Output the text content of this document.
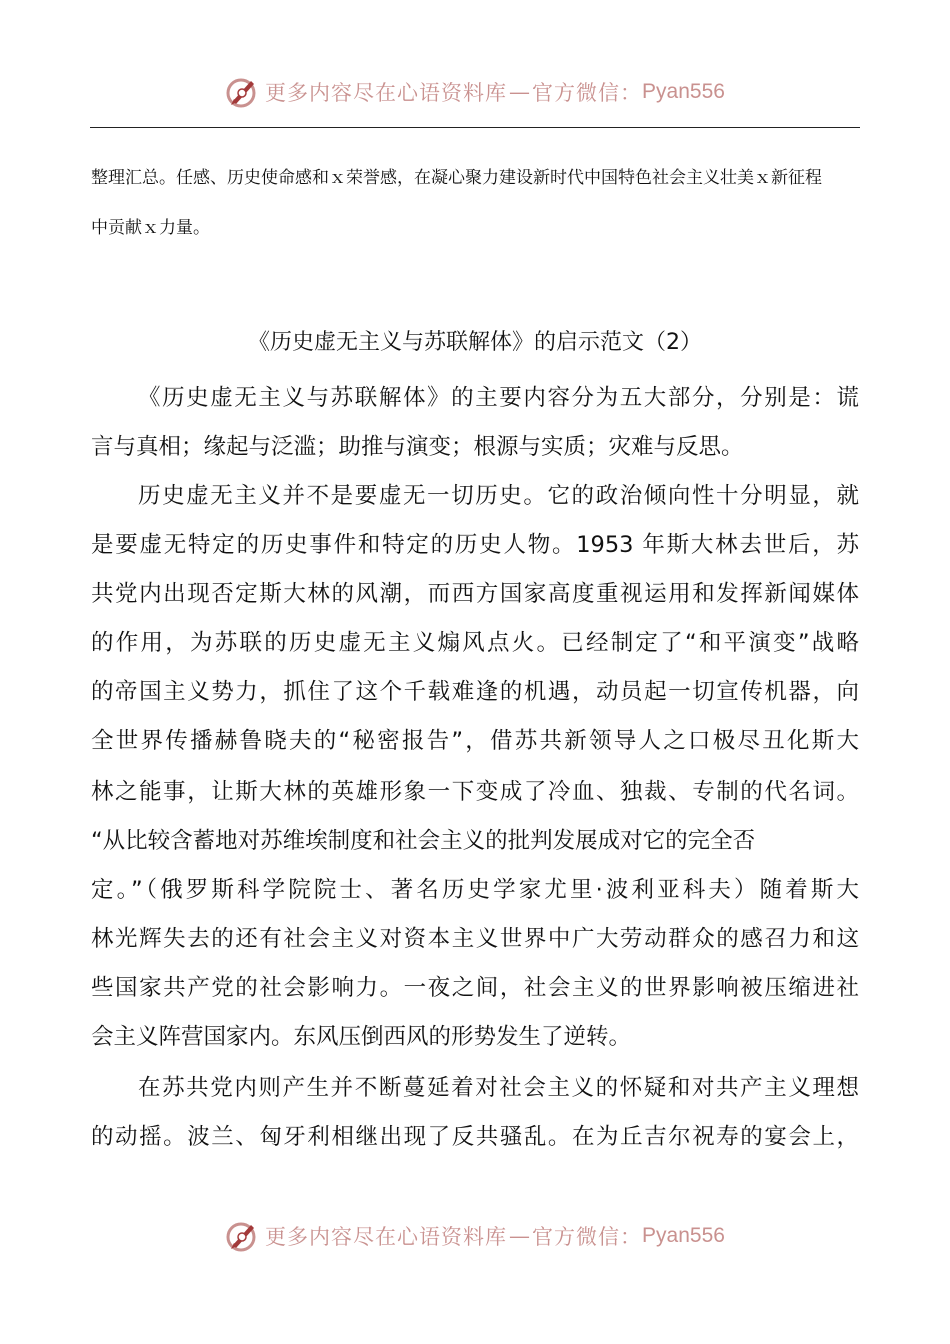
更多内容尽在心语资料库 — 官方微信： Pyan556
整理汇总。任感、历史使命感和ｘ荣誉感，在凝心聚力建设新时代中国特色社会主义壮美ｘ新征程
中贡献ｘ力量。
《历史虚无主义与苏联解体》的启示范文（2）
《历史虚无主义与苏联解体》的主要内容分为五大部分，分别是：谎
言与真相；缘起与泛滥；助推与演变；根源与实质；灾难与反思。
历史虚无主义并不是要虚无一切历史。它的政治倾向性十分明显，就
是要虚无特定的历史事件和特定的历史人物。1953 年斯大林去世后，苏
共党内出现否定斯大林的风潮，而西方国家高度重视运用和发挥新闻媒体
的作用，为苏联的历史虚无主义煽风点火。已经制定了“和平演变”战略
的帝国主义势力，抓住了这个千载难逢的机遇，动员起一切宣传机器，向
全世界传播赫鲁晓夫的“秘密报告”，借苏共新领导人之口极尽丑化斯大
林之能事，让斯大林的英雄形象一下变成了冷血、独裁、专制的代名词。
“从比较含蓄地对苏维埃制度和社会主义的批判发展成对它的完全否
定。”（俄罗斯科学院院士、著名历史学家尤里·波利亚科夫）随着斯大
林光辉失去的还有社会主义对资本主义世界中广大劳动群众的感召力和这
些国家共产党的社会影响力。一夜之间，社会主义的世界影响被压缩进社
会主义阵营国家内。东风压倒西风的形势发生了逆转。
在苏共党内则产生并不断蔓延着对社会主义的怀疑和对共产主义理想
的动摇。波兰、匈牙利相继出现了反共骚乱。在为丘吉尔祝寿的宴会上，
更多内容尽在心语资料库 — 官方微信： Pyan556
